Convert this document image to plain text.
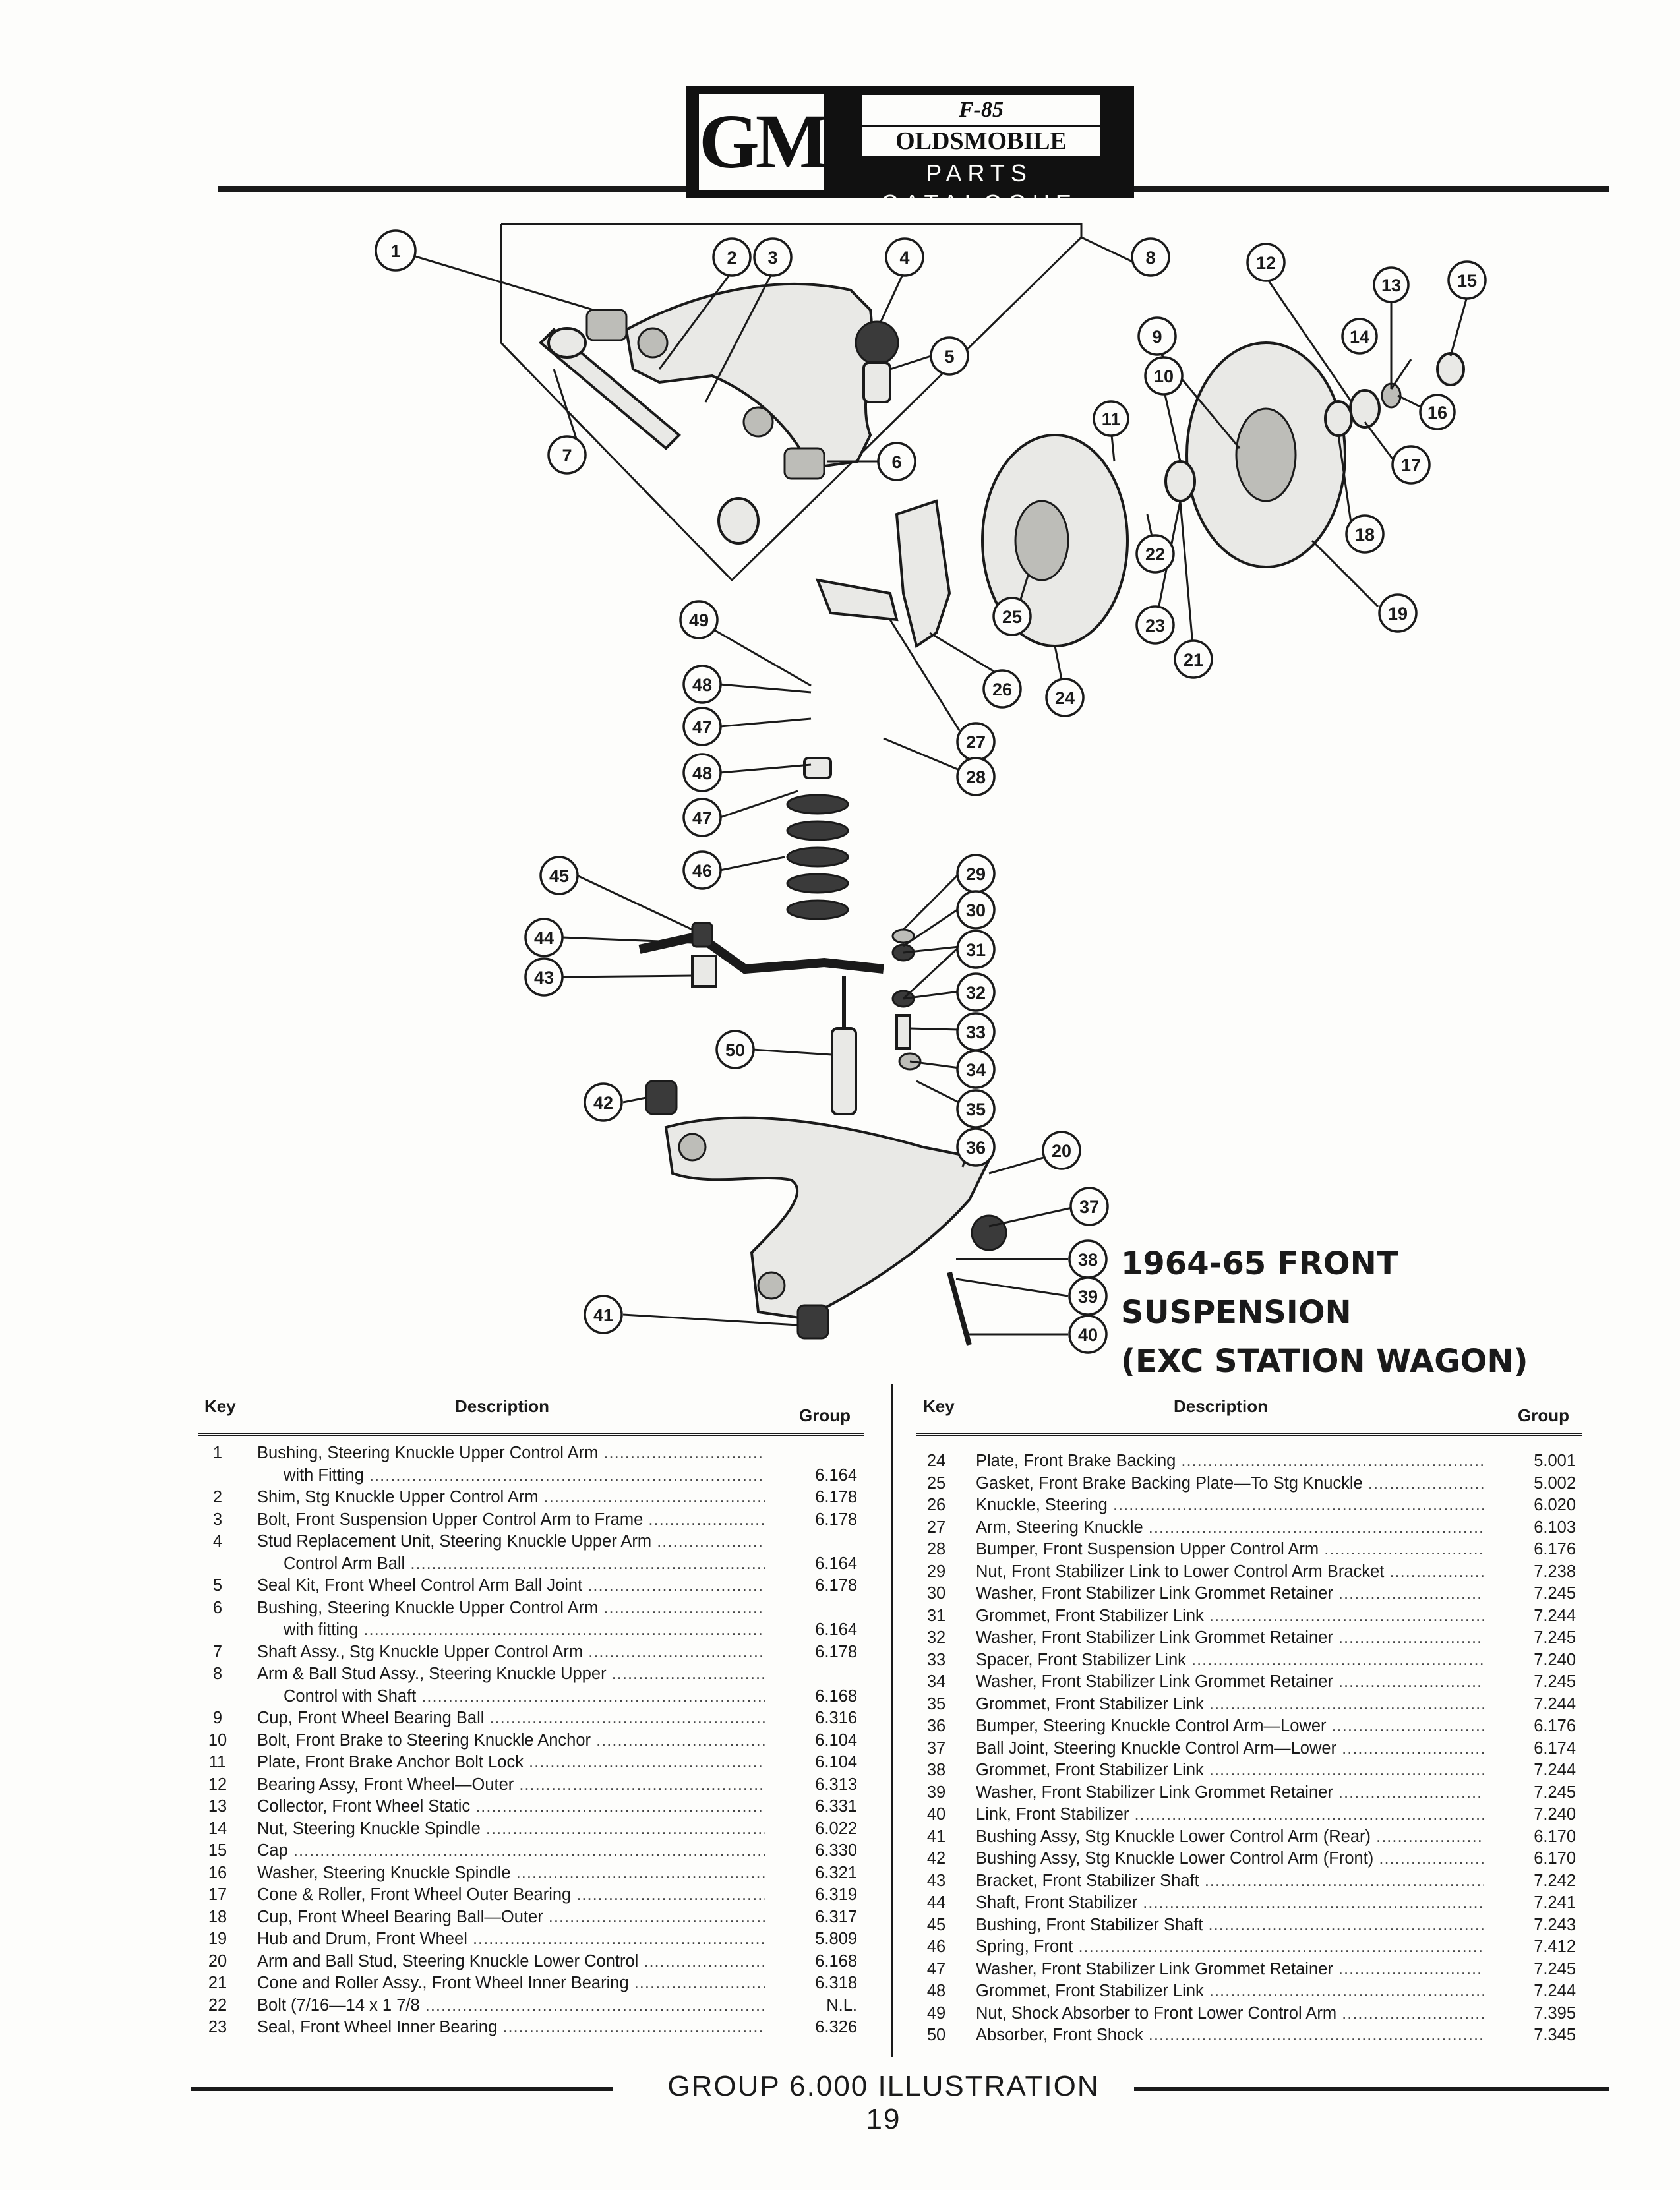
GM	F-85
OLDSMOBILE
PARTS CATALOGUE
1	2 3	4
5
6
7
8
9
10
11
12
13
14
15
16
17
18
19
20
21
22
23
24
25
26
27
28
29
30
31
32
33
34
35
36
37
38
39
40
41
42
43
44
45	46
47
48
47
48
49
50
1964-65 FRONT SUSPENSION
(EXC STATION WAGON)
Key	Description	Group
1	Bushing, Steering Knuckle Upper Control Arm .....
with Fitting .....	6.164
2	Shim, Stg Knuckle Upper Control Arm .....	6.178
3	Bolt, Front Suspension Upper Control Arm to Frame .....	6.178
4	Stud Replacement Unit, Steering Knuckle Upper Arm .....
Control Arm Ball .....	6.164
5	Seal Kit, Front Wheel Control Arm Ball Joint .....	6.178
6	Bushing, Steering Knuckle Upper Control Arm .....
with fitting .....	6.164
7	Shaft Assy., Stg Knuckle Upper Control Arm .....	6.178
8	Arm & Ball Stud Assy., Steering Knuckle Upper .....
Control with Shaft .....	6.168
9	Cup, Front Wheel Bearing Ball .....	6.316
10	Bolt, Front Brake to Steering Knuckle Anchor .....	6.104
11	Plate, Front Brake Anchor Bolt Lock .....	6.104
12	Bearing Assy, Front Wheel—Outer .....	6.313
13	Collector, Front Wheel Static .....	6.331
14	Nut, Steering Knuckle Spindle .....	6.022
15	Cap .....	6.330
16	Washer, Steering Knuckle Spindle .....	6.321
17	Cone & Roller, Front Wheel Outer Bearing .....	6.319
18	Cup, Front Wheel Bearing Ball—Outer .....	6.317
19	Hub and Drum, Front Wheel .....	5.809
20	Arm and Ball Stud, Steering Knuckle Lower Control .....	6.168
21	Cone and Roller Assy., Front Wheel Inner Bearing .....	6.318
22	Bolt (7/16—14 x 1 7/8 .....	N.L.
23	Seal, Front Wheel Inner Bearing .....	6.326
Key	Description	Group
24	Plate, Front Brake Backing .....	5.001
25	Gasket, Front Brake Backing Plate—To Stg Knuckle .....	5.002
26	Knuckle, Steering .....	6.020
27	Arm, Steering Knuckle .....	6.103
28	Bumper, Front Suspension Upper Control Arm .....	6.176
29	Nut, Front Stabilizer Link to Lower Control Arm Bracket .....	7.238
30	Washer, Front Stabilizer Link Grommet Retainer .....	7.245
31	Grommet, Front Stabilizer Link .....	7.244
32	Washer, Front Stabilizer Link Grommet Retainer .....	7.245
33	Spacer, Front Stabilizer Link .....	7.240
34	Washer, Front Stabilizer Link Grommet Retainer .....	7.245
35	Grommet, Front Stabilizer Link .....	7.244
36	Bumper, Steering Knuckle Control Arm—Lower .....	6.176
37	Ball Joint, Steering Knuckle Control Arm—Lower .....	6.174
38	Grommet, Front Stabilizer Link .....	7.244
39	Washer, Front Stabilizer Link Grommet Retainer .....	7.245
40	Link, Front Stabilizer .....	7.240
41	Bushing Assy, Stg Knuckle Lower Control Arm (Rear) .....	6.170
42	Bushing Assy, Stg Knuckle Lower Control Arm (Front) .....	6.170
43	Bracket, Front Stabilizer Shaft .....	7.242
44	Shaft, Front Stabilizer .....	7.241
45	Bushing, Front Stabilizer Shaft .....	7.243
46	Spring, Front .....	7.412
47	Washer, Front Stabilizer Link Grommet Retainer .....	7.245
48	Grommet, Front Stabilizer Link .....	7.244
49	Nut, Shock Absorber to Front Lower Control Arm .....	7.395
50	Absorber, Front Shock .....	7.345
GROUP 6.000 ILLUSTRATION 19
